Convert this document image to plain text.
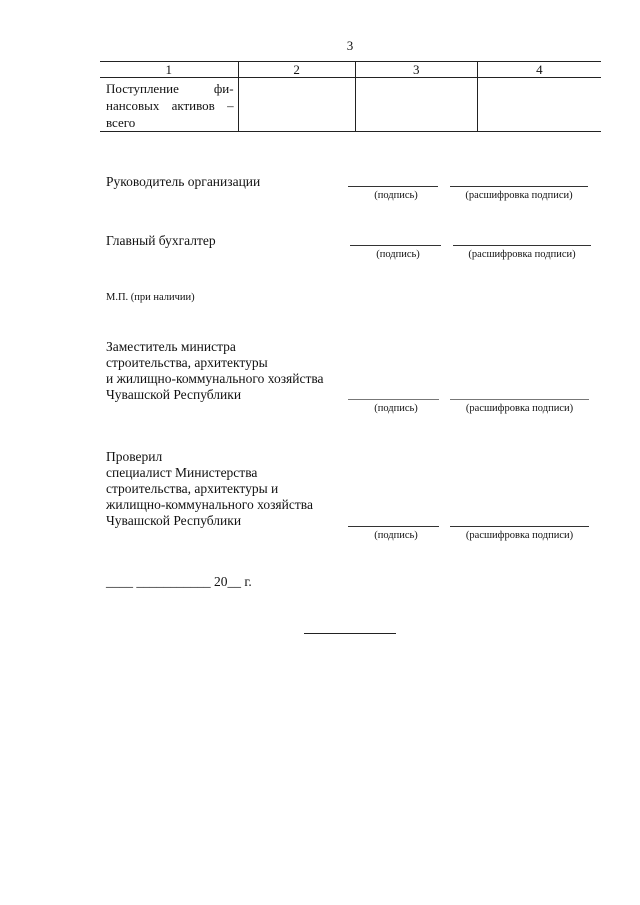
3
1	2	3	4

Поступление фи-нансовых активов – всего			

Руководитель организации
(подпись)	(расшифровка подписи)
Главный бухгалтер
(подпись)	(расшифровка подписи)
М.П. (при наличии)
Заместитель министра
строительства, архитектуры
и жилищно-коммунального хозяйства
Чувашской Республики
(подпись)	(расшифровка подписи)
Проверил
специалист Министерства
строительства, архитектуры и
жилищно-коммунального хозяйства
Чувашской Республики
(подпись)	(расшифровка подписи)
____ ___________ 20__ г.
